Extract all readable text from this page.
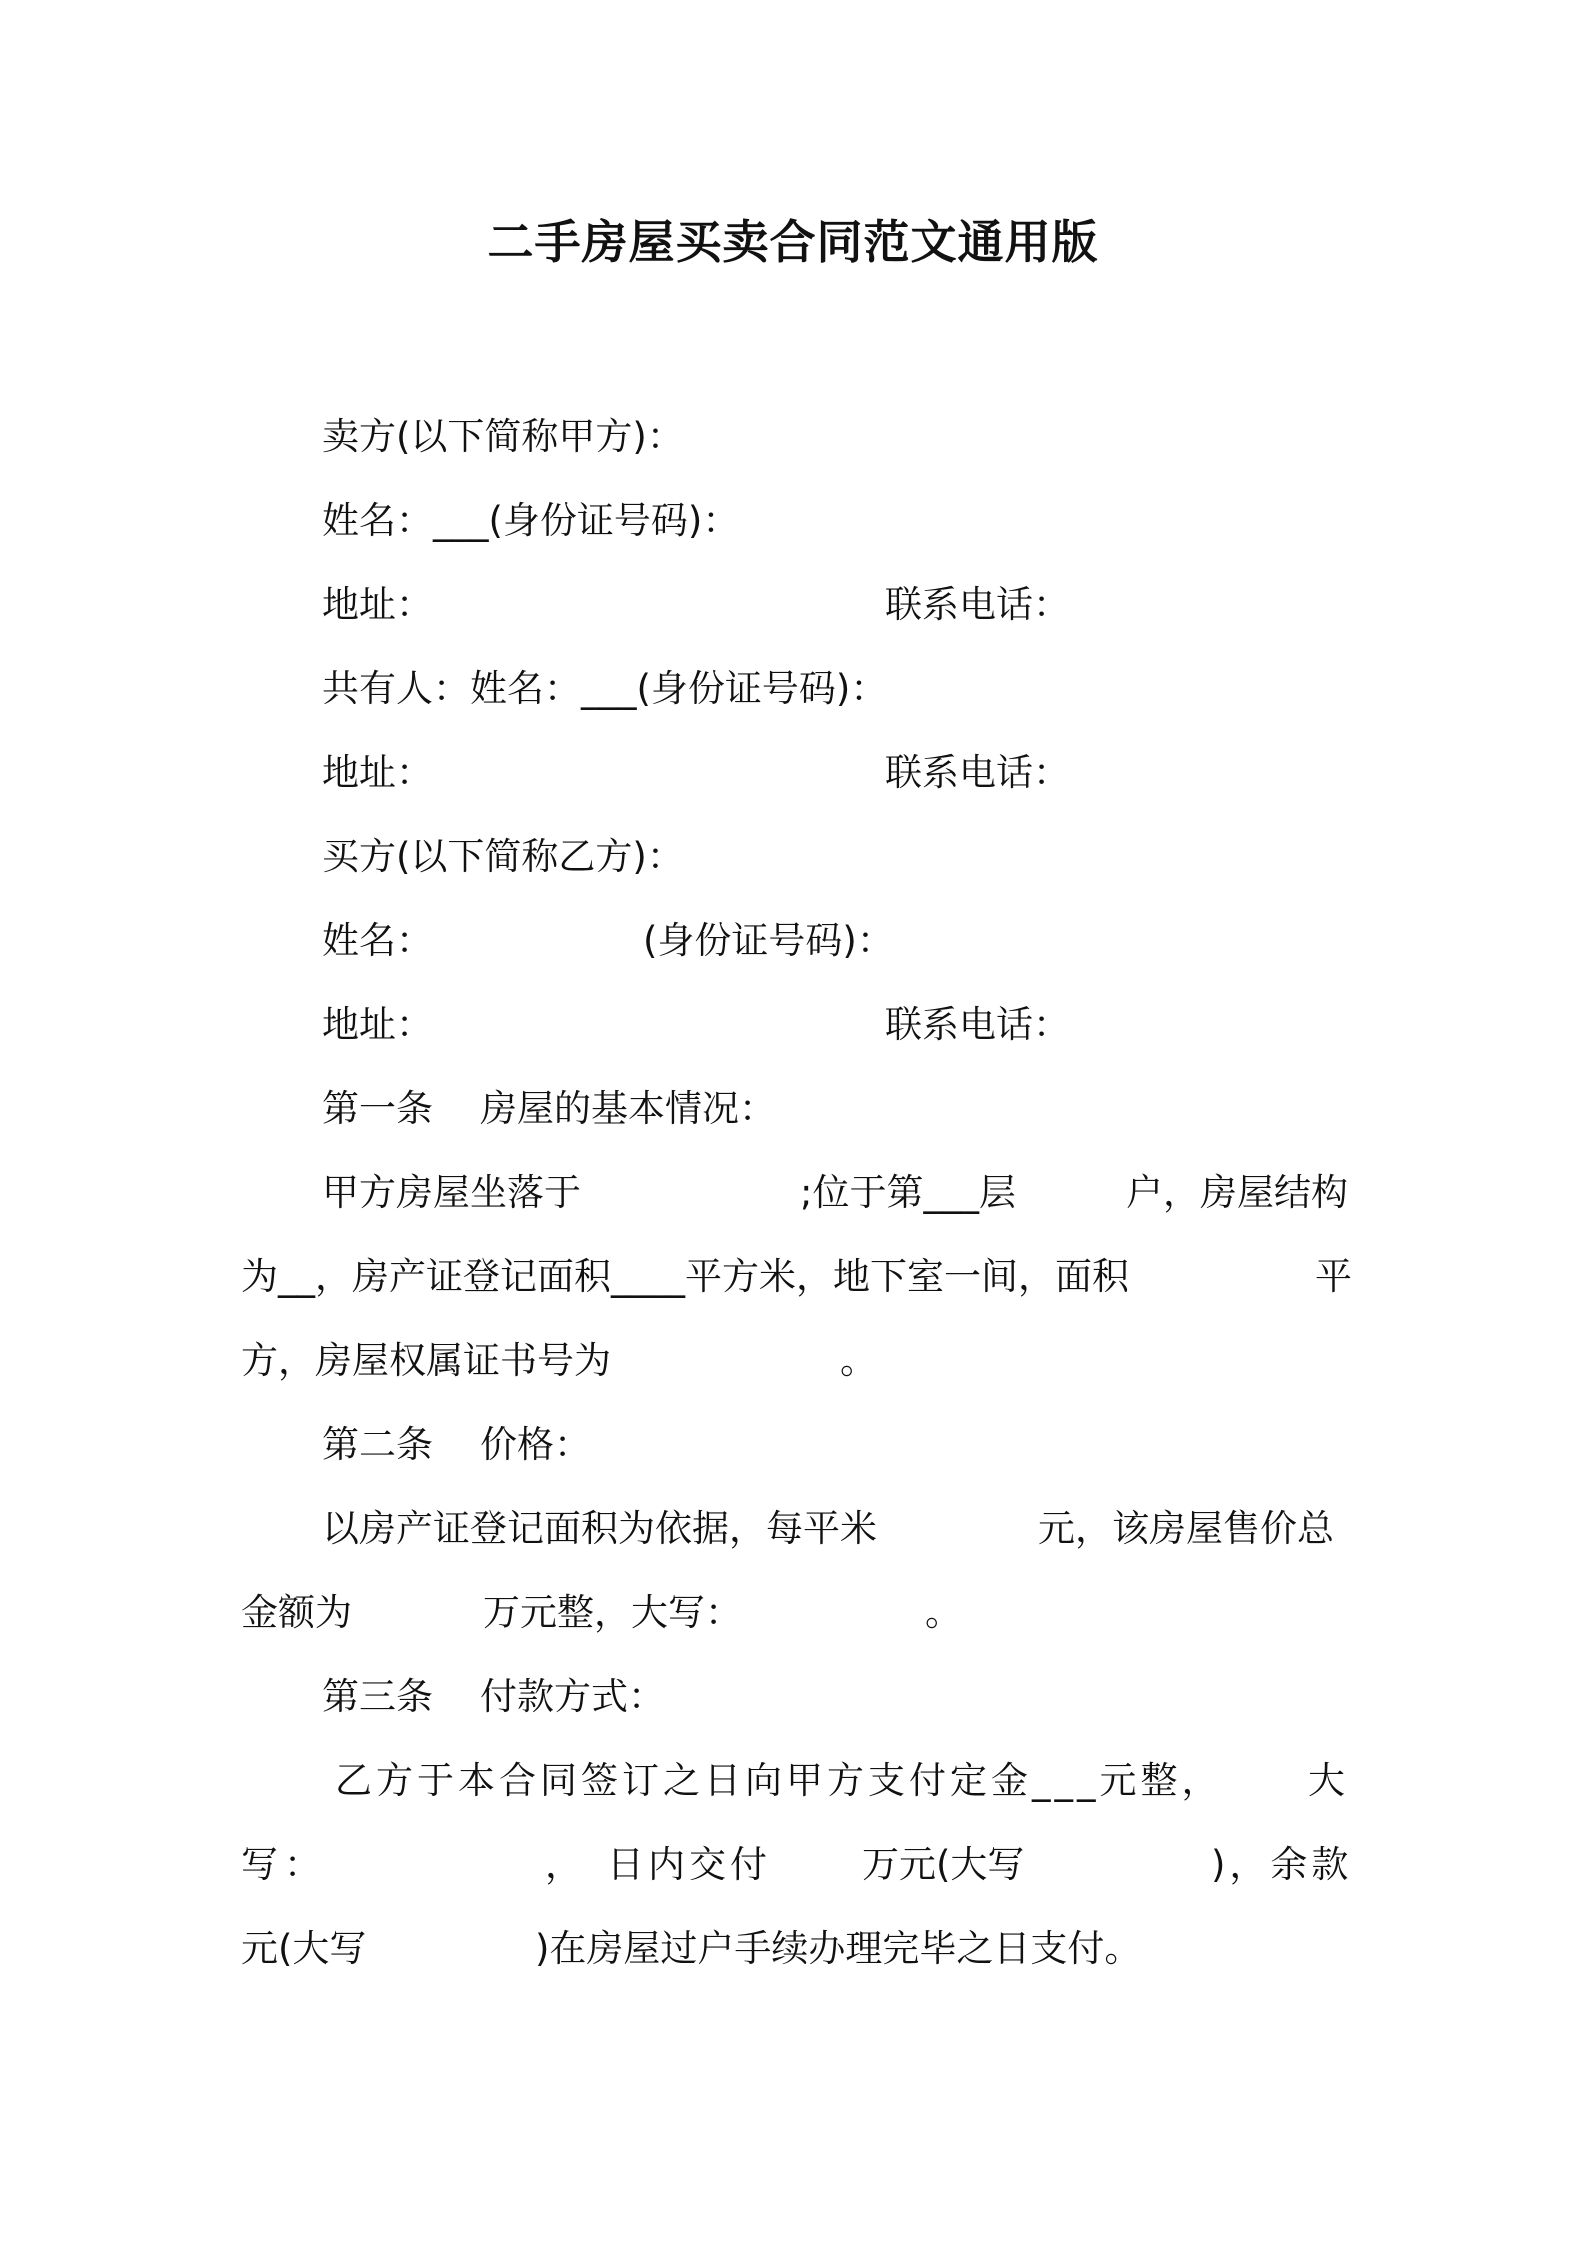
二手房屋买卖合同范文通用版
卖方(以下简称甲方)：
姓名：___(身份证号码)：
地址：	联系电话：
共有人：姓名：___(身份证号码)：
地址：	联系电话：
买方(以下简称乙方)：
姓名：	(身份证号码)：
地址：	联系电话：
第一条    房屋的基本情况：
甲方房屋坐落于	;位于第___层	户，房屋结构
为__，房产证登记面积____平方米，地下室一间，面积	平
方，房屋权属证书号为	。
第二条    价格：
以房产证登记面积为依据，每平米	元，该房屋售价总
金额为	万元整，大写：	。
第三条    付款方式：
乙方于本合同签订之日向甲方支付定金___元整， 大
写：	， 日内交付 万元(大写	)，余款
元(大写	)在房屋过户手续办理完毕之日支付。
